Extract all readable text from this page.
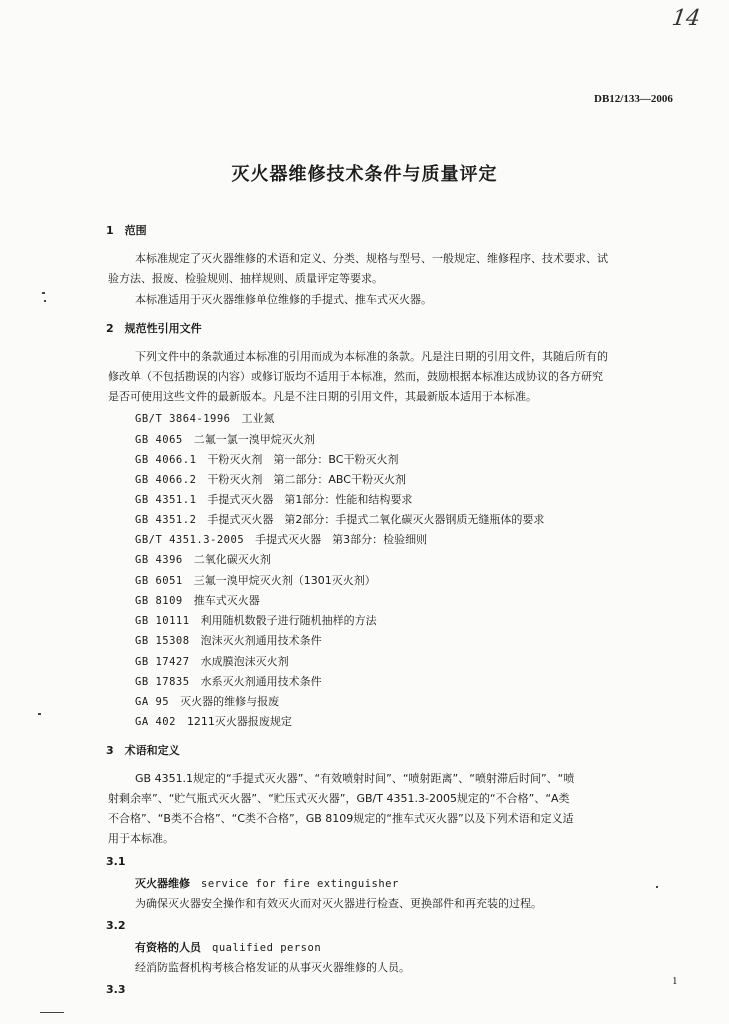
14
DB12/133—2006
灭火器维修技术条件与质量评定
1　范围
本标准规定了灭火器维修的术语和定义、分类、规格与型号、一般规定、维修程序、技术要求、试
验方法、报废、检验规则、抽样规则、质量评定等要求。
本标准适用于灭火器维修单位维修的手提式、推车式灭火器。
2　规范性引用文件
下列文件中的条款通过本标准的引用而成为本标准的条款。凡是注日期的引用文件，其随后所有的
修改单（不包括勘误的内容）或修订版均不适用于本标准，然而，鼓励根据本标准达成协议的各方研究
是否可使用这些文件的最新版本。凡是不注日期的引用文件，其最新版本适用于本标准。
GB/T 3864-1996　 工业氮
GB 4065　 二氟一氯一溴甲烷灭火剂
GB 4066.1　 干粉灭火剂　第一部分：BC干粉灭火剂
GB 4066.2　 干粉灭火剂　第二部分：ABC干粉灭火剂
GB 4351.1　 手提式灭火器　第1部分：性能和结构要求
GB 4351.2　 手提式灭火器　第2部分：手提式二氧化碳灭火器钢质无缝瓶体的要求
GB/T 4351.3-2005　 手提式灭火器　第3部分：检验细则
GB 4396　 二氧化碳灭火剂
GB 6051　 三氟一溴甲烷灭火剂（1301灭火剂）
GB 8109　 推车式灭火器
GB 10111　 利用随机数骰子进行随机抽样的方法
GB 15308　 泡沫灭火剂通用技术条件
GB 17427　 水成膜泡沫灭火剂
GB 17835　 水系灭火剂通用技术条件
GA 95　 灭火器的维修与报废
GA 402　 1211灭火器报废规定
3　术语和定义
GB 4351.1规定的“手提式灭火器”、“有效喷射时间”、“喷射距离”、“喷射滞后时间”、“喷
射剩余率”、“贮气瓶式灭火器”、“贮压式灭火器”，GB/T 4351.3-2005规定的“不合格”、“A类
不合格”、“B类不合格”、“C类不合格”，GB 8109规定的“推车式灭火器”以及下列术语和定义适
用于本标准。
3.1
灭火器维修　 service for fire extinguisher
为确保灭火器安全操作和有效灭火而对灭火器进行检查、更换部件和再充装的过程。
3.2
有资格的人员　 qualified person
经消防监督机构考核合格发证的从事灭火器维修的人员。
3.3
1
